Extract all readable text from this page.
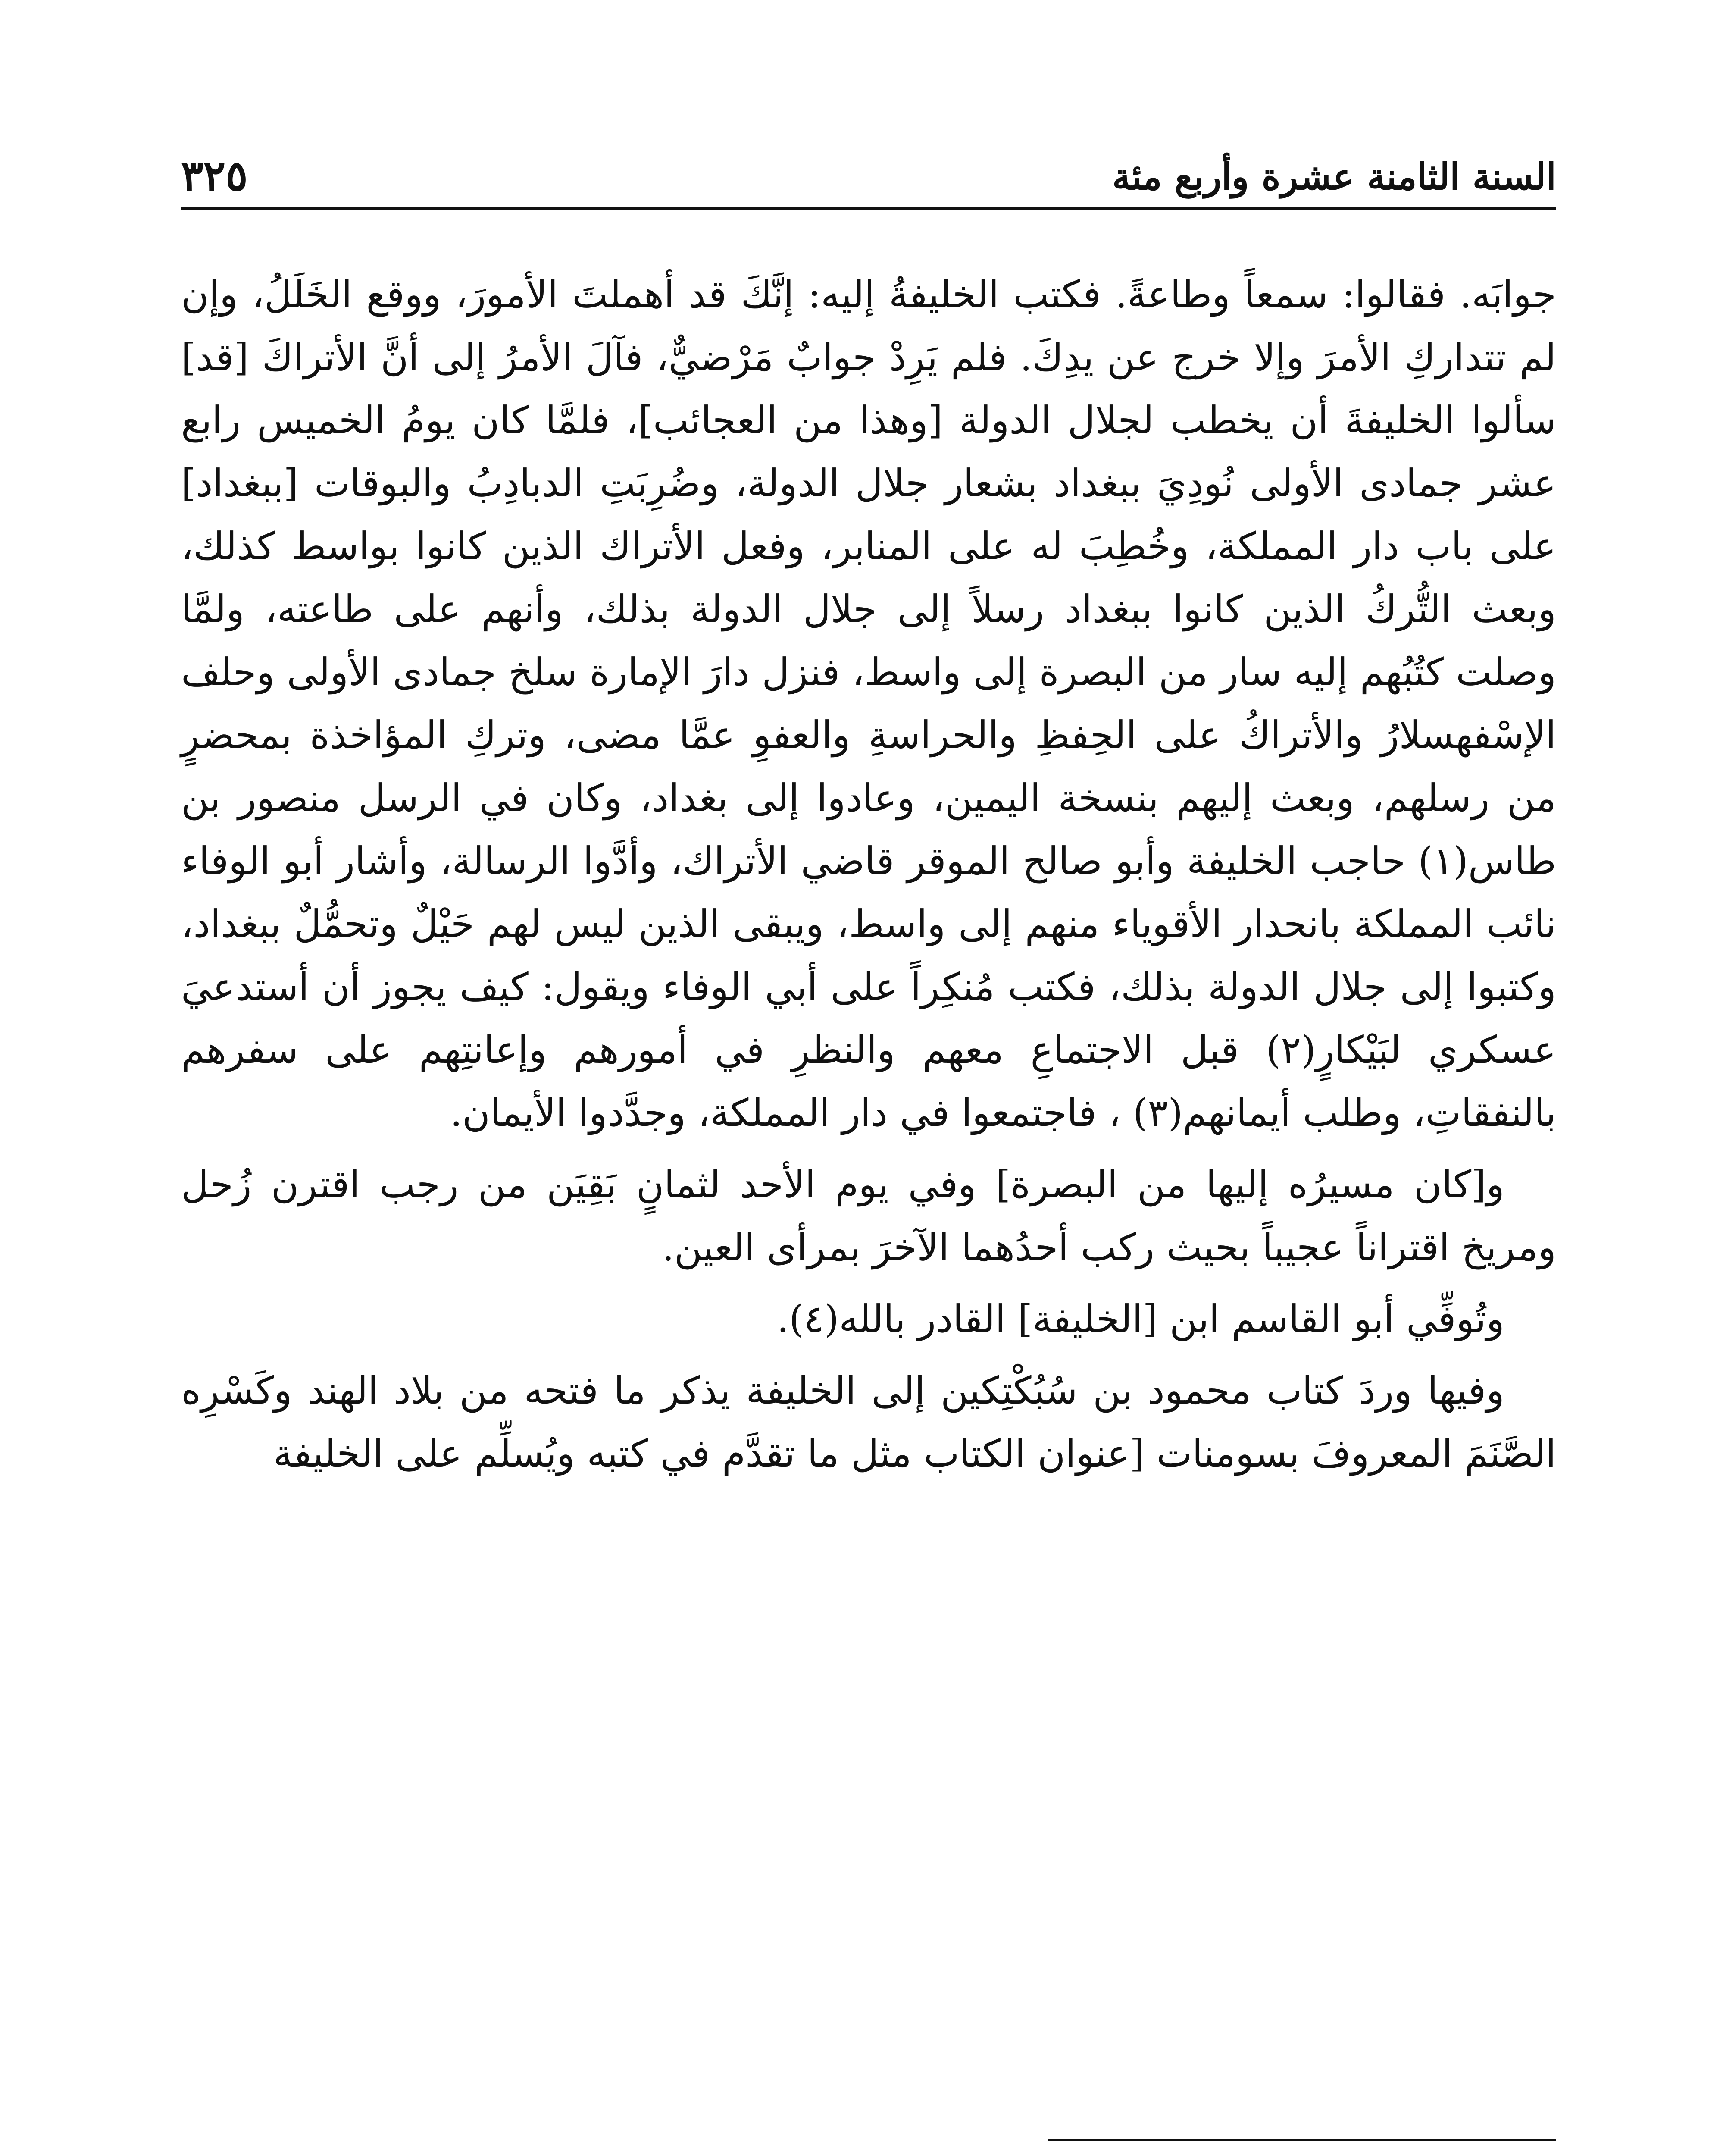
السنة الثامنة عشرة وأربع مئة
٣٢٥

جوابَه. فقالوا: سمعاً وطاعةً. فكتب الخليفةُ إليه: إنَّكَ قد أهملتَ الأمورَ، ووقع الخَلَلُ، وإن لم تتداركِ الأمرَ وإلا خرج عن يدِكَ. فلم يَرِدْ جوابٌ مَرْضيٌّ، فآلَ الأمرُ إلى أنَّ الأتراكَ [قد] سألوا الخليفةَ أن يخطب لجلال الدولة [وهذا من العجائب]، فلمَّا كان يومُ الخميس رابع عشر جمادى الأولى نُودِيَ ببغداد بشعار جلال الدولة، وضُرِبَتِ الدبادِبُ والبوقات [ببغداد] على باب دار المملكة، وخُطِبَ له على المنابر، وفعل الأتراك الذين كانوا بواسط كذلك، وبعث التُّركُ الذين كانوا ببغداد رسلاً إلى جلال الدولة بذلك، وأنهم على طاعته، ولمَّا وصلت كتُبُهم إليه سار من البصرة إلى واسط، فنزل دارَ الإمارة سلخ جمادى الأولى وحلف الإسْفهسلارُ والأتراكُ على الحِفظِ والحراسةِ والعفوِ عمَّا مضى، وتركِ المؤاخذة بمحضرٍ من رسلهم، وبعث إليهم بنسخة اليمين، وعادوا إلى بغداد، وكان في الرسل منصور بن طاس(١) حاجب الخليفة وأبو صالح الموقر قاضي الأتراك، وأدَّوا الرسالة، وأشار أبو الوفاء نائب المملكة بانحدار الأقوياء منهم إلى واسط، ويبقى الذين ليس لهم حَيْلٌ وتحمُّلٌ ببغداد، وكتبوا إلى جلال الدولة بذلك، فكتب مُنكِراً على أبي الوفاء ويقول: كيف يجوز أن أستدعيَ عسكري لبَيْكارٍ(٢) قبل الاجتماعِ معهم والنظرِ في أمورهم وإعانتِهم على سفرهم بالنفقاتِ، وطلب أيمانهم(٣) ، فاجتمعوا في دار المملكة، وجدَّدوا الأيمان.

و[كان مسيرُه إليها من البصرة] وفي يوم الأحد لثمانٍ بَقِيَن من رجب اقترن زُحل ومريخ اقتراناً عجيباً بحيث ركب أحدُهما الآخرَ بمرأى العين.

وتُوفِّي أبو القاسم ابن [الخليفة] القادر بالله(٤).

وفيها وردَ كتاب محمود بن سُبُكْتِكين إلى الخليفة يذكر ما فتحه من بلاد الهند وكَسْرِه الصَّنَمَ المعروفَ بسومنات [عنوان الكتاب مثل ما تقدَّم في كتبه ويُسلِّم على الخليفة
